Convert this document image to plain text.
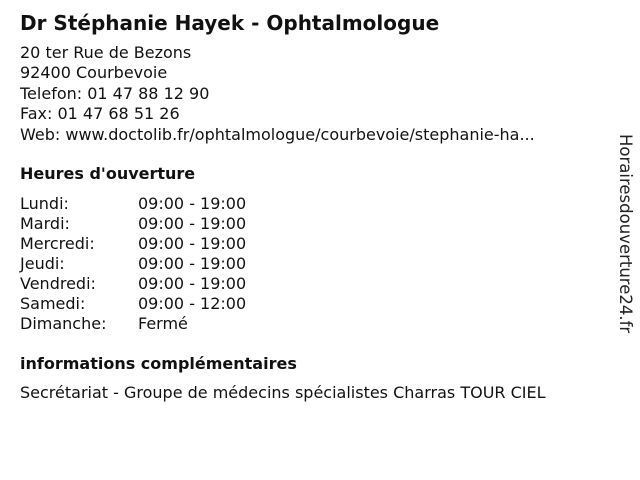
Dr Stéphanie Hayek - Ophtalmologue
20 ter Rue de Bezons
92400 Courbevoie
Telefon: 01 47 88 12 90
Fax: 01 47 68 51 26
Web: www.doctolib.fr/ophtalmologue/courbevoie/stephanie-ha...
Heures d'ouverture
Lundi:	09:00 - 19:00
Mardi:	09:00 - 19:00
Mercredi:	09:00 - 19:00
Jeudi:	09:00 - 19:00
Vendredi:	09:00 - 19:00
Samedi:	09:00 - 12:00
Dimanche: Fermé
informations complémentaires
Secrétariat - Groupe de médecins spécialistes Charras TOUR CIEL
Horairesdouverture24.fr
